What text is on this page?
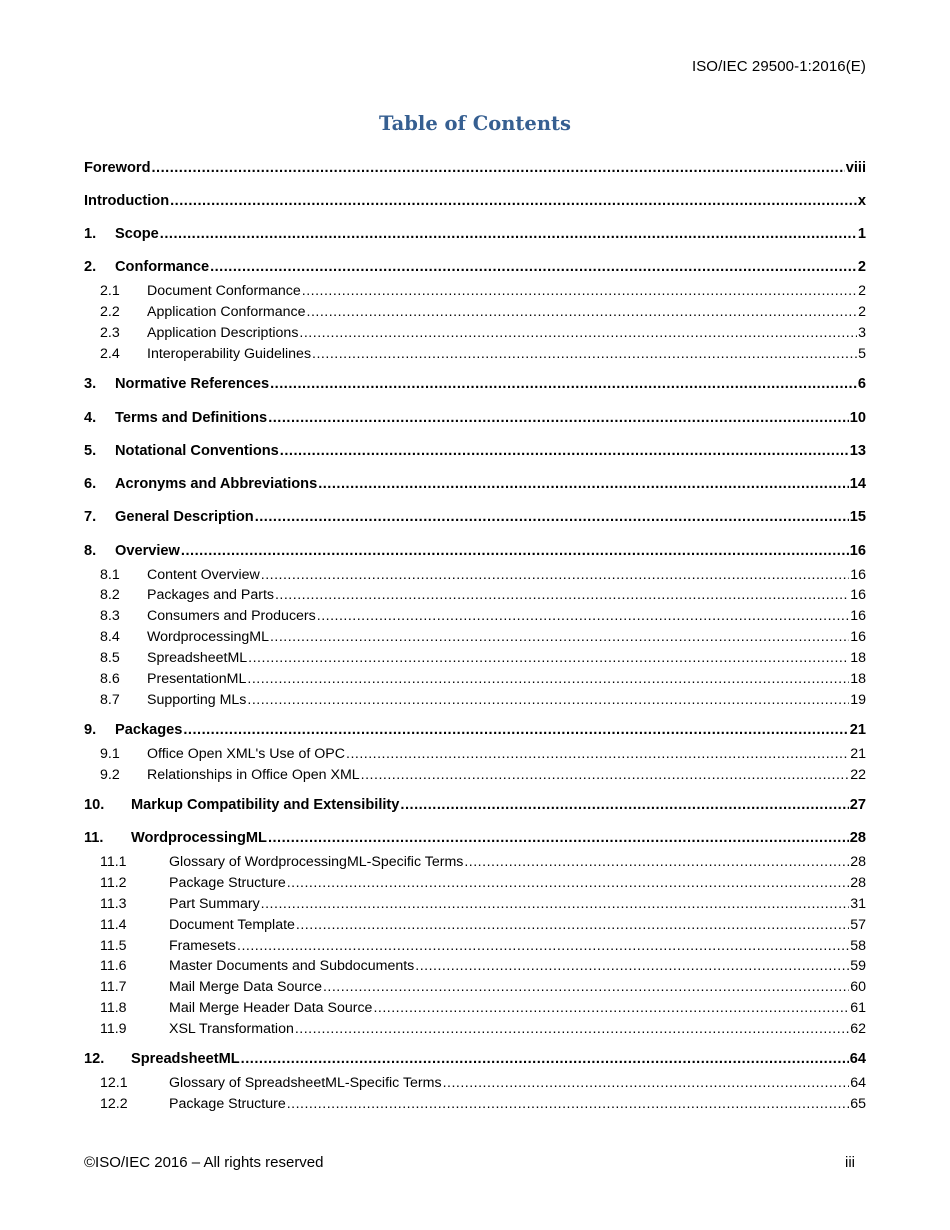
ISO/IEC 29500-1:2016(E)
Table of Contents
Foreword .....	viii
Introduction .....	x
1.	Scope .....	1
2.	Conformance .....	2
2.1	Document Conformance .....	2
2.2	Application Conformance .....	2
2.3	Application Descriptions .....	3
2.4	Interoperability Guidelines .....	5
3.	Normative References .....	6
4.	Terms and Definitions .....	10
5.	Notational Conventions .....	13
6.	Acronyms and Abbreviations .....	14
7.	General Description .....	15
8.	Overview .....	16
8.1	Content Overview .....	16
8.2	Packages and Parts .....	16
8.3	Consumers and Producers .....	16
8.4	WordprocessingML .....	16
8.5	SpreadsheetML .....	18
8.6	PresentationML .....	18
8.7	Supporting MLs .....	19
9.	Packages .....	21
9.1	Office Open XML's Use of OPC .....	21
9.2	Relationships in Office Open XML .....	22
10.	Markup Compatibility and Extensibility .....	27
11.	WordprocessingML .....	28
11.1	Glossary of WordprocessingML-Specific Terms .....	28
11.2	Package Structure .....	28
11.3	Part Summary .....	31
11.4	Document Template .....	57
11.5	Framesets .....	58
11.6	Master Documents and Subdocuments .....	59
11.7	Mail Merge Data Source .....	60
11.8	Mail Merge Header Data Source .....	61
11.9	XSL Transformation .....	62
12.	SpreadsheetML .....	64
12.1	Glossary of SpreadsheetML-Specific Terms .....	64
12.2	Package Structure .....	65
©ISO/IEC 2016 – All rights reserved	iii
